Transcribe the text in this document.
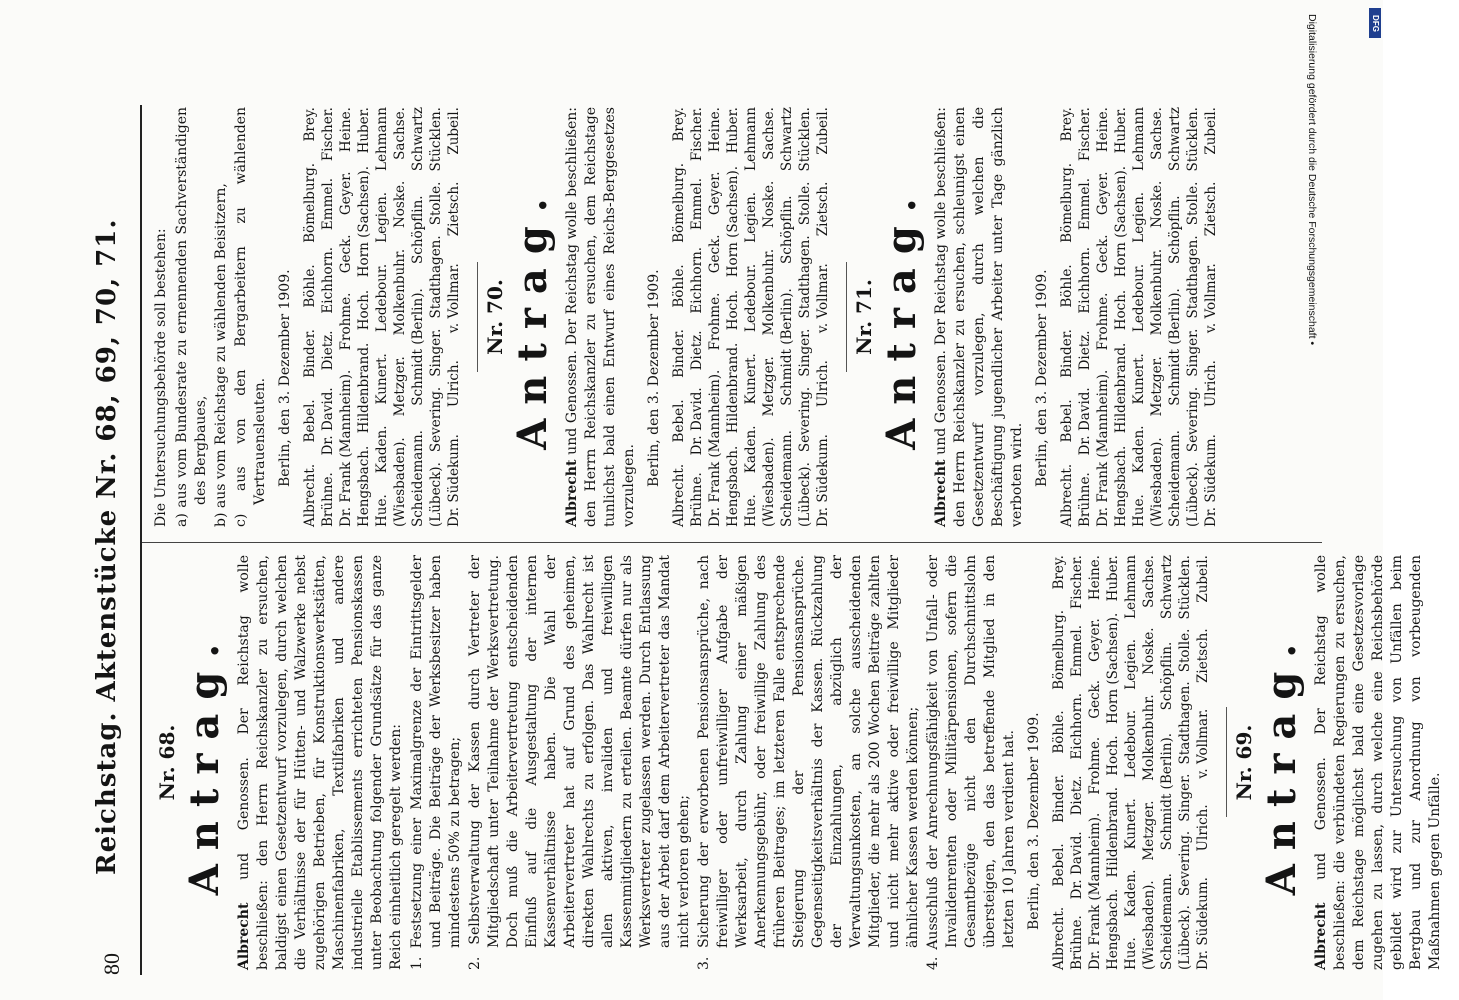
80
Reichstag. Aktenstücke Nr. 68, 69, 70, 71. Nr. 68. Antrag.

Albrecht und Genossen. Der Reichstag wolle beschließen: den Herrn Reichskanzler zu ersuchen, baldigst einen Gesetzentwurf vorzulegen, durch welchen die Verhältnisse der für Hütten- und Walzwerke nebst zugehörigen Betrieben, für Konstruktionswerkstätten, Maschinenfabriken, Textilfabriken und andere industrielle Etablissements errichteten Pensionskassen unter Beobachtung folgender Grundsätze für das ganze Reich einheitlich geregelt werden: 1. Festsetzung einer Maximalgrenze der Eintrittsgelder und Beiträge. Die Beiträge der Werksbesitzer haben mindestens 50% zu betragen; 2. Selbstverwaltung der Kassen durch Vertreter der Mitgliedschaft unter Teilnahme der Werksvertretung. Doch muß die Arbeitervertretung entscheidenden Einfluß auf die Ausgestaltung der internen Kassenverhältnisse haben. Die Wahl der Arbeitervertreter hat auf Grund des geheimen, direkten Wahlrechts zu erfolgen. Das Wahlrecht ist allen aktiven, invaliden und freiwilligen Kassenmitgliedern zu erteilen. Beamte dürfen nur als Werksvertreter zugelassen werden. Durch Entlassung aus der Arbeit darf dem Arbeitervertreter das Mandat nicht verloren gehen; 3. Sicherung der erworbenen Pensionsansprüche, nach freiwilliger oder unfreiwilliger Aufgabe der Werksarbeit, durch Zahlung einer mäßigen Anerkennungsgebühr, oder freiwillige Zahlung des früheren Beitrages; im letzteren Falle entsprechende Steigerung der Pensionsansprüche. Gegenseitigkeitsverhältnis der Kassen. Rückzahlung der Einzahlungen, abzüglich der Verwaltungsunkosten, an solche ausscheidenden Mitglieder, die mehr als 200 Wochen Beiträge zahlten und nicht mehr aktive oder freiwillige Mitglieder ähnlicher Kassen werden können; 4. Ausschluß der Anrechnungsfähigkeit von Unfall- oder Invalidenrenten oder Militärpensionen, sofern die Gesamtbezüge nicht den Durchschnittslohn übersteigen, den das betreffende Mitglied in den letzten 10 Jahren verdient hat. Berlin, den 3. Dezember 1909.
Albrecht.
Bebel.
Binder.
Böhle.
Bömelburg.
Brey.
Brühne.
Dr. David.
Dietz.
Eichhorn.
Emmel.
Fischer.
Dr. Frank (Mannheim).
Frohme.
Geck.
Geyer.
Heine.
Hengsbach.
Hildenbrand.
Hoch.
Horn (Sachsen).
Huber.
Hue.
Kaden.
Kunert.
Ledebour.
Legien.
Lehmann
(Wiesbaden).
Metzger.
Molkenbuhr.
Noske.
Sachse.
Scheidemann.
Schmidt (Berlin).
Schöpflin.
Schwartz
(Lübeck).
Severing.
Singer.
Stadthagen.
Stolle.
Stücklen.
Dr. Südekum.
Ulrich.
v. Vollmar.
Zietsch.
Zubeil.
Nr. 69. Antrag.

Albrecht und Genossen. Der Reichstag wolle beschließen: die verbündeten Regierungen zu ersuchen, dem Reichstage möglichst bald eine Gesetzesvorlage zugehen zu lassen, durch welche eine Reichsbehörde gebildet wird zur Untersuchung von Unfällen beim Bergbau und zur Anordnung von vorbeugenden Maßnahmen gegen Unfälle.

Die Untersuchungsbehörde soll bestehen: a) aus vom Bundesrate zu ernennenden Sachverständigen des Bergbaues, b) aus vom Reichstage zu wählenden Beisitzern, c) aus von den Bergarbeitern zu wählenden Vertrauensleuten. Berlin, den 3. Dezember 1909.
Albrecht.
Bebel.
Binder.
Böhle.
Bömelburg.
Brey.
Brühne.
Dr. David.
Dietz.
Eichhorn.
Emmel.
Fischer.
Dr. Frank (Mannheim).
Frohme.
Geck.
Geyer.
Heine.
Hengsbach.
Hildenbrand.
Hoch.
Horn (Sachsen).
Huber.
Hue.
Kaden.
Kunert.
Ledebour.
Legien.
Lehmann
(Wiesbaden).
Metzger.
Molkenbuhr.
Noske.
Sachse.
Scheidemann.
Schmidt (Berlin).
Schöpflin.
Schwartz
(Lübeck).
Severing.
Singer.
Stadthagen.
Stolle.
Stücklen.
Dr. Südekum.
Ulrich.
v. Vollmar.
Zietsch.
Zubeil.
Nr. 70. Antrag.

Albrecht und Genossen. Der Reichstag wolle beschließen: den Herrn Reichskanzler zu ersuchen, dem Reichstage tunlichst bald einen Entwurf eines Reichs-Berggesetzes vorzulegen. Berlin, den 3. Dezember 1909.
Albrecht.
Bebel.
Binder.
Böhle.
Bömelburg.
Brey.
Brühne.
Dr. David.
Dietz.
Eichhorn.
Emmel.
Fischer.
Dr. Frank (Mannheim).
Frohme.
Geck.
Geyer.
Heine.
Hengsbach.
Hildenbrand.
Hoch.
Horn (Sachsen).
Huber.
Hue.
Kaden.
Kunert.
Ledebour.
Legien.
Lehmann
(Wiesbaden).
Metzger.
Molkenbuhr.
Noske.
Sachse.
Scheidemann.
Schmidt (Berlin).
Schöpflin.
Schwartz
(Lübeck).
Severing.
Singer.
Stadthagen.
Stolle.
Stücklen.
Dr. Südekum.
Ulrich.
v. Vollmar.
Zietsch.
Zubeil.
Nr. 71. Antrag.

Albrecht und Genossen. Der Reichstag wolle beschließen: den Herrn Reichskanzler zu ersuchen, schleunigst einen Gesetzentwurf vorzulegen, durch welchen die Beschäftigung jugendlicher Arbeiter unter Tage gänzlich verboten wird. Berlin, den 3. Dezember 1909.
Albrecht.
Bebel.
Binder.
Böhle.
Bömelburg.
Brey.
Brühne.
Dr. David.
Dietz.
Eichhorn.
Emmel.
Fischer.
Dr. Frank (Mannheim).
Frohme.
Geck.
Geyer.
Heine.
Hengsbach.
Hildenbrand.
Hoch.
Horn (Sachsen).
Huber.
Hue.
Kaden.
Kunert.
Ledebour.
Legien.
Lehmann
(Wiesbaden).
Metzger.
Molkenbuhr.
Noske.
Sachse.
Scheidemann.
Schmidt (Berlin).
Schöpflin.
Schwartz
(Lübeck).
Severing.
Singer.
Stadthagen.
Stolle.
Stücklen.
Dr. Südekum.
Ulrich.
v. Vollmar.
Zietsch.
Zubeil.
DFG
Digitalisierung gefördert durch die Deutsche Forschungsgemeinschaft •
